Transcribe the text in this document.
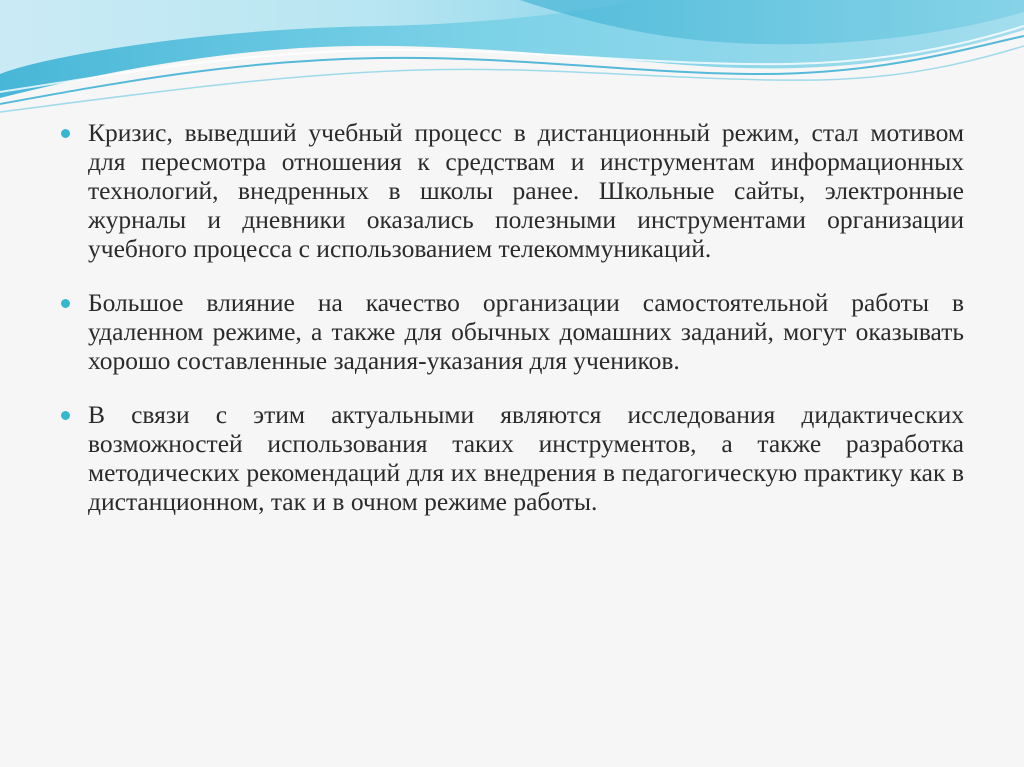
Кризис, выведший учебный процесс в дистанционный режим, стал мотивом для пересмотра отношения к средствам и инструментам информационных технологий, внедренных в школы ранее. Школьные сайты, электронные журналы и дневники оказались полезными инструментами организации учебного процесса с использованием телекоммуникаций.
Большое влияние на качество организации самостоятельной работы в удаленном режиме, а также для обычных домашних заданий, могут оказывать хорошо составленные задания-указания для учеников.
В связи с этим актуальными являются исследования дидактических возможностей использования таких инструментов, а также разработка методических рекомендаций для их внедрения в педагогическую практику как в дистанционном, так и в очном режиме работы.
